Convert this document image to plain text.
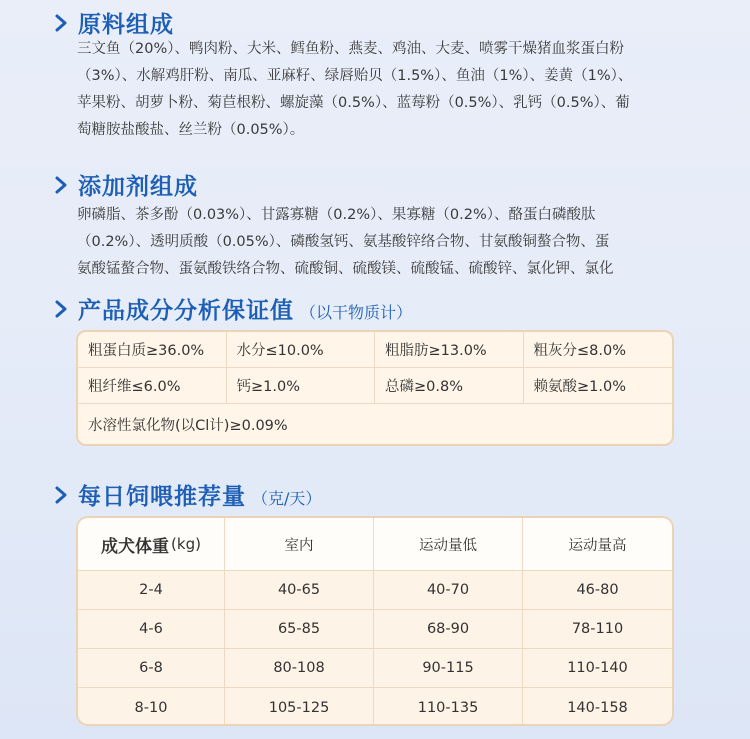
原料组成
三文鱼（20%）、鸭肉粉、大米、鳕鱼粉、燕麦、鸡油、大麦、喷雾干燥猪血浆蛋白粉
（3%）、水解鸡肝粉、南瓜、亚麻籽、绿唇贻贝（1.5%）、鱼油（1%）、姜黄（1%）、
苹果粉、胡萝卜粉、菊苣根粉、螺旋藻（0.5%）、蓝莓粉（0.5%）、乳钙（0.5%）、葡
萄糖胺盐酸盐、丝兰粉（0.05%）。
添加剂组成
卵磷脂、茶多酚（0.03%）、甘露寡糖（0.2%）、果寡糖（0.2%）、酪蛋白磷酸肽
（0.2%）、透明质酸（0.05%）、磷酸氢钙、氨基酸锌络合物、甘氨酸铜螯合物、蛋
氨酸锰螯合物、蛋氨酸铁络合物、硫酸铜、硫酸镁、硫酸锰、硫酸锌、氯化钾、氯化
产品成分分析保证值 （以干物质计）
粗蛋白质≥36.0%	水分≤10.0%	粗脂肪≥13.0%	粗灰分≤8.0%
粗纤维≤6.0%	钙≥1.0%	总磷≥0.8%	赖氨酸≥1.0%
水溶性氯化物(以Cl计)≥0.09%
每日饲喂推荐量 （克/天）
成犬体重 (kg)	室内	运动量低	运动量高
2-4	40-65	40-70	46-80
4-6	65-85	68-90	78-110
6-8	80-108	90-115	110-140
8-10	105-125	110-135	140-158
